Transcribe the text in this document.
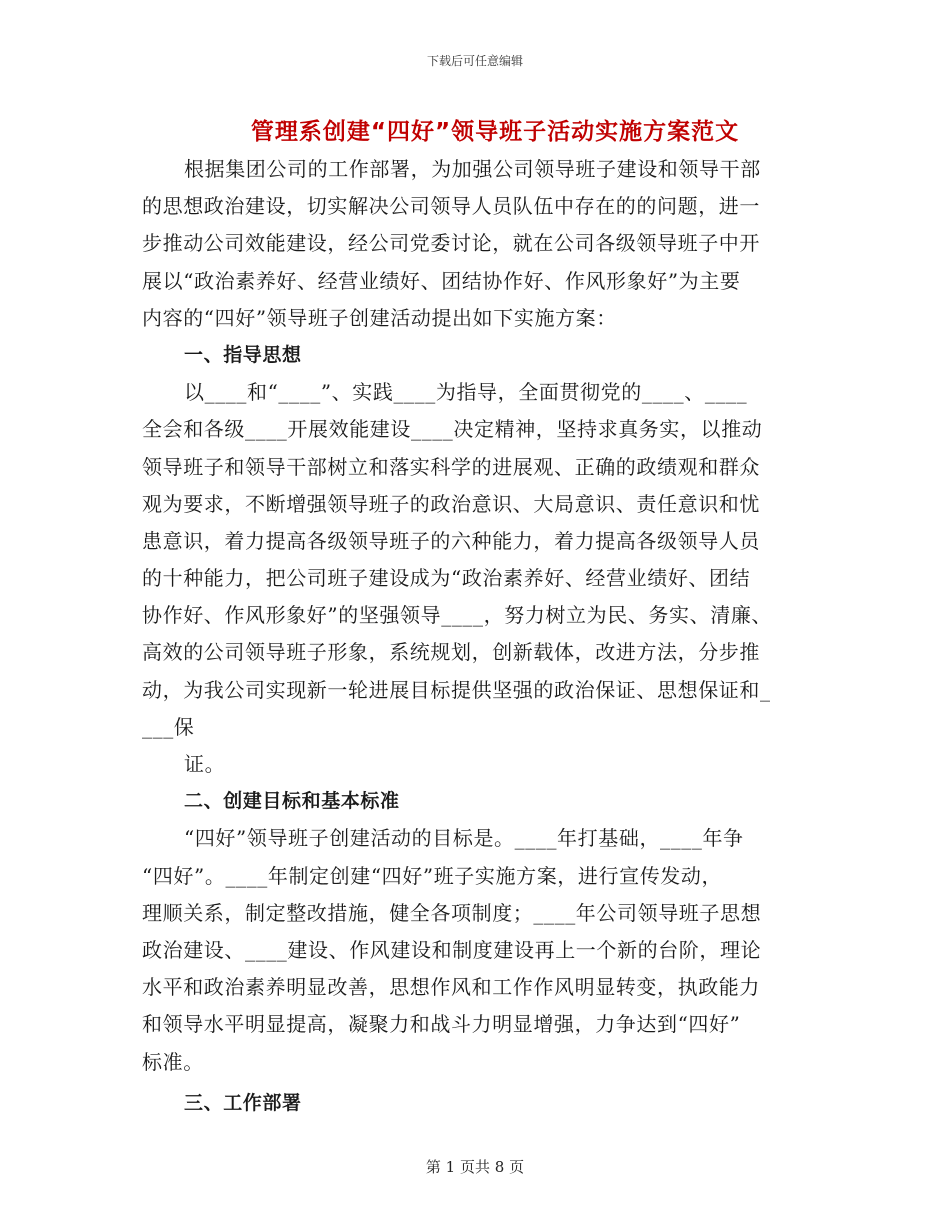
下载后可任意编辑
管理系创建“四好”领导班子活动实施方案范文
根据集团公司的工作部署，为加强公司领导班子建设和领导干部
的思想政治建设，切实解决公司领导人员队伍中存在的的问题，进一
步推动公司效能建设，经公司党委讨论，就在公司各级领导班子中开
展以“政治素养好、经营业绩好、团结协作好、作风形象好”为主要
内容的“四好”领导班子创建活动提出如下实施方案：
一、指导思想
以____和“____”、实践____为指导，全面贯彻党的____、____
全会和各级____开展效能建设____决定精神，坚持求真务实，以推动
领导班子和领导干部树立和落实科学的进展观、正确的政绩观和群众
观为要求，不断增强领导班子的政治意识、大局意识、责任意识和忧
患意识，着力提高各级领导班子的六种能力，着力提高各级领导人员
的十种能力，把公司班子建设成为“政治素养好、经营业绩好、团结
协作好、作风形象好”的坚强领导____，努力树立为民、务实、清廉、
高效的公司领导班子形象，系统规划，创新载体，改进方法，分步推
动，为我公司实现新一轮进展目标提供坚强的政治保证、思想保证和_
___保
证。
二、创建目标和基本标准
“四好”领导班子创建活动的目标是。____年打基础，____年争
“四好”。____年制定创建“四好”班子实施方案，进行宣传发动，
理顺关系，制定整改措施，健全各项制度；____年公司领导班子思想
政治建设、____建设、作风建设和制度建设再上一个新的台阶，理论
水平和政治素养明显改善，思想作风和工作作风明显转变，执政能力
和领导水平明显提高，凝聚力和战斗力明显增强，力争达到“四好”
标准。
三、工作部署
第 1 页共 8 页
